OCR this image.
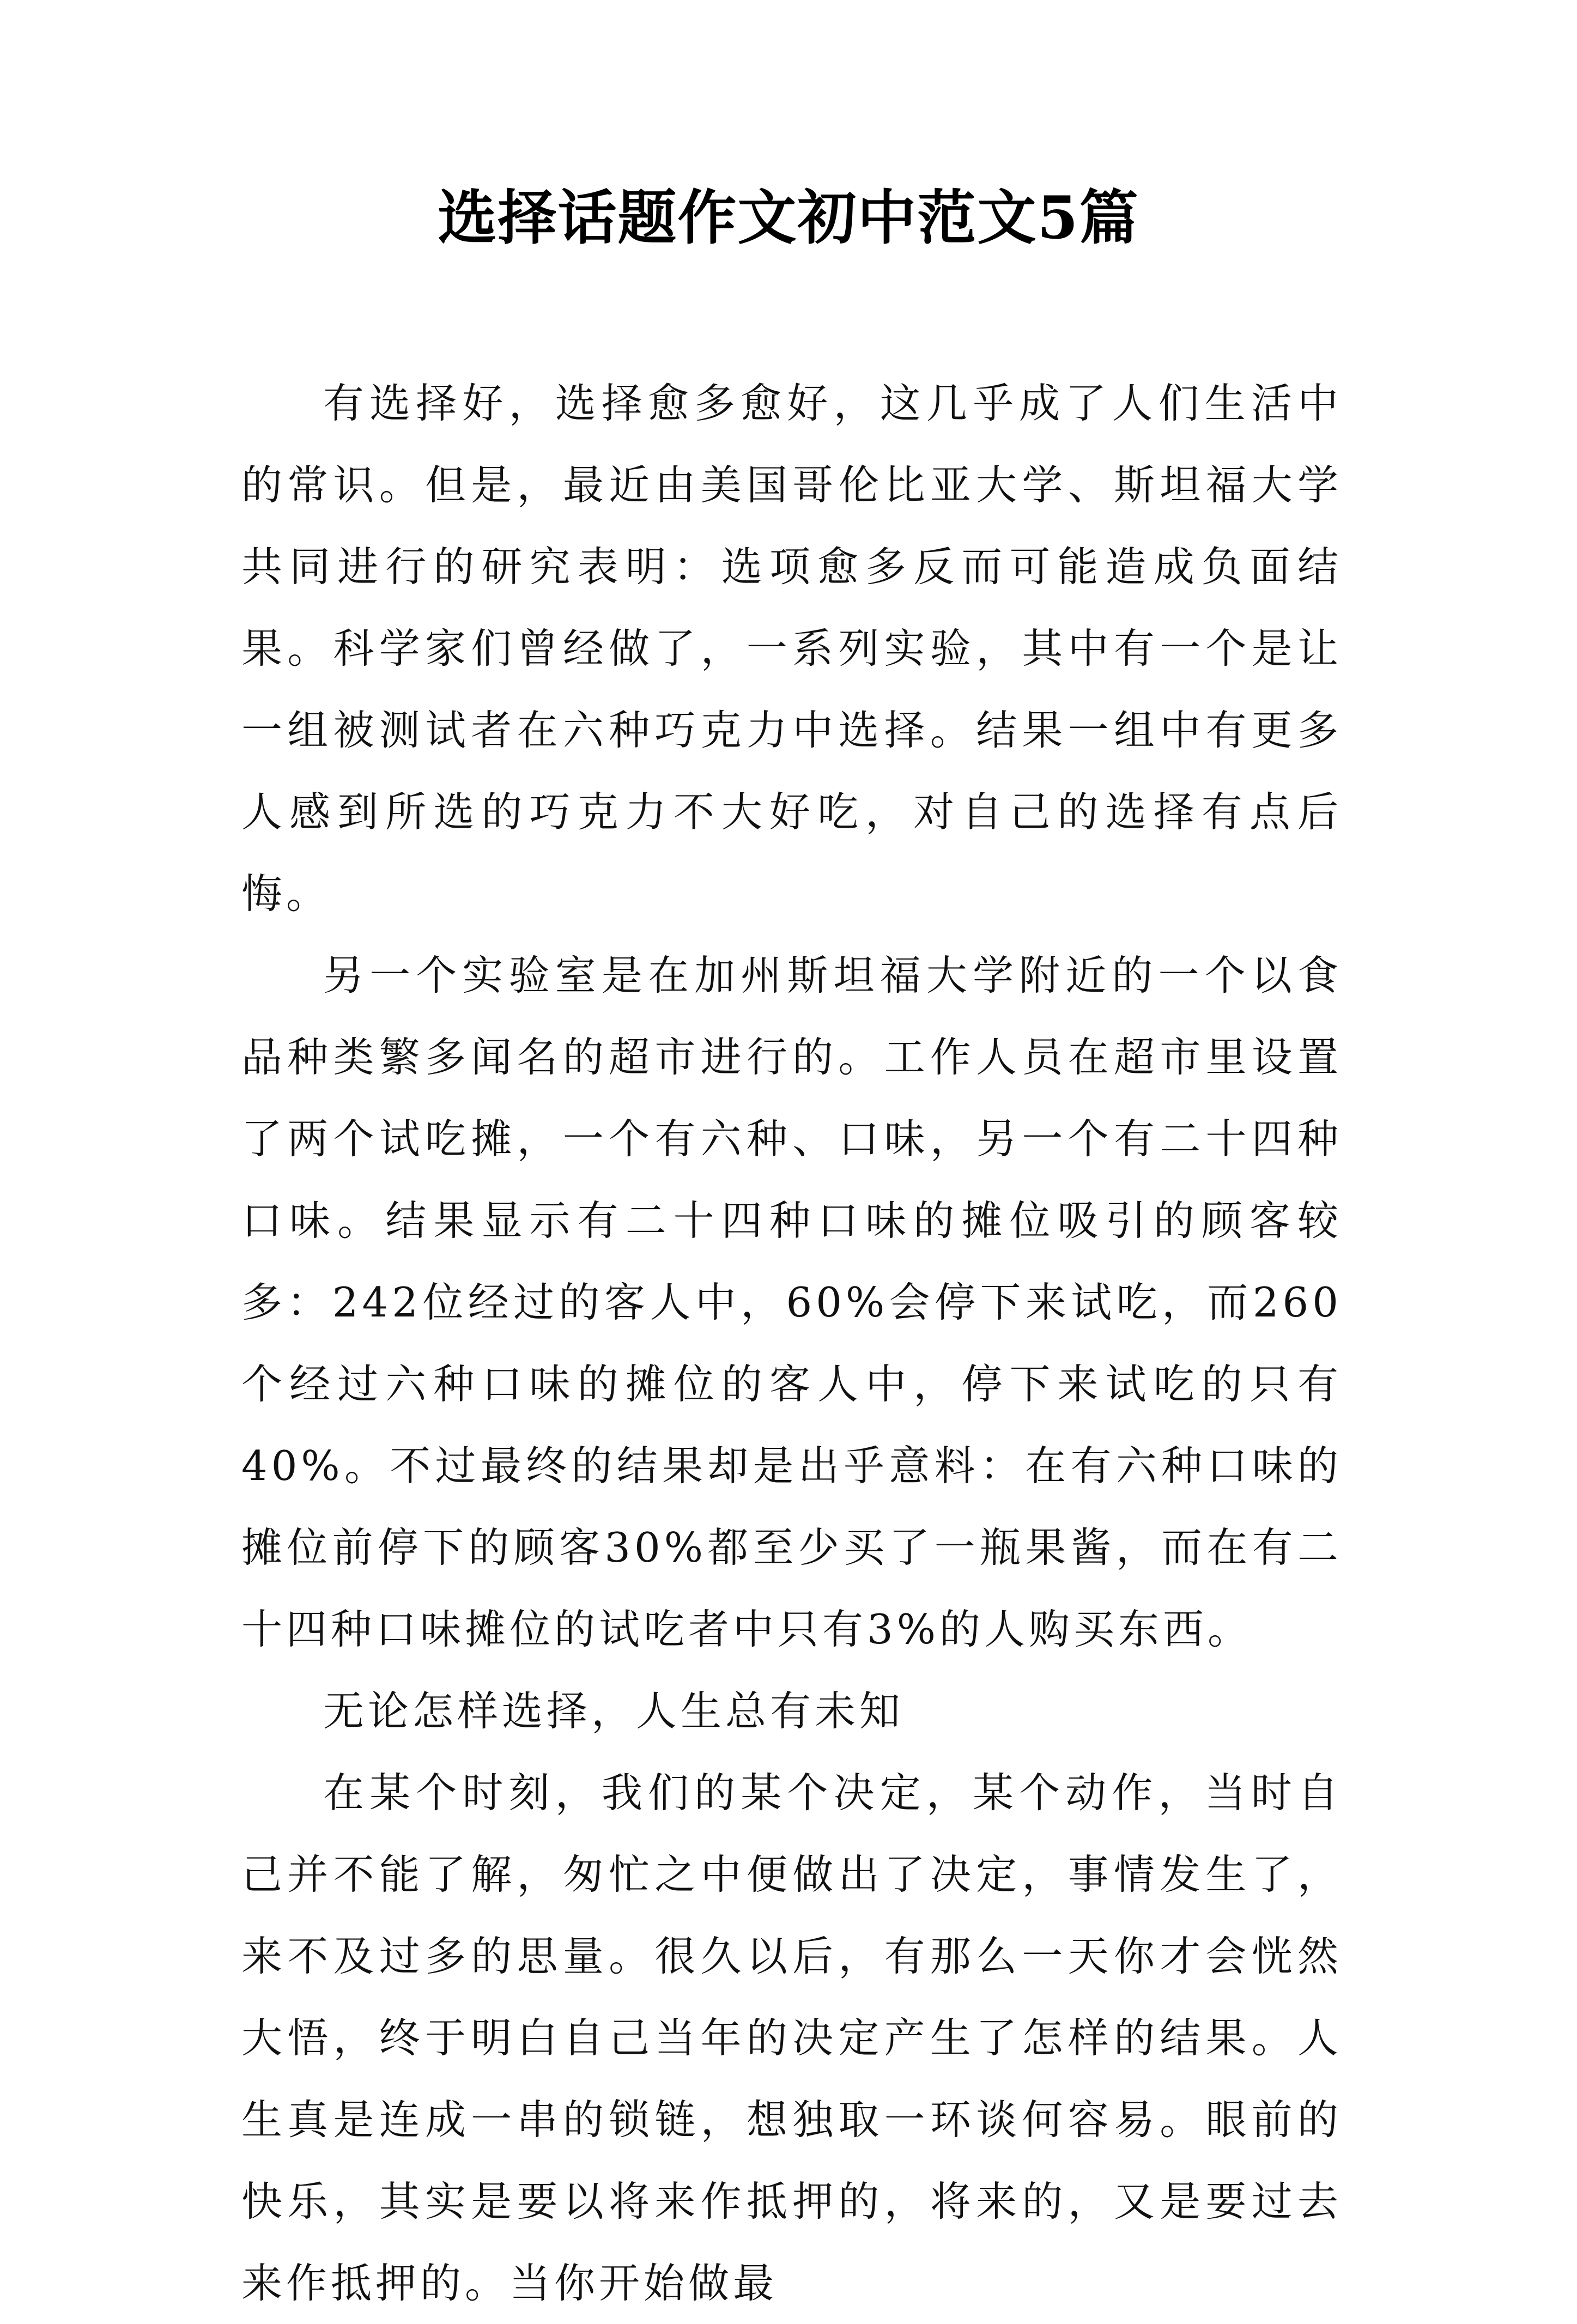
选择话题作文初中范文5篇

有选择好，选择愈多愈好，这几乎成了人们生活中的常识。但是，最近由美国哥伦比亚大学、斯坦福大学共同进行的研究表明：选项愈多反而可能造成负面结果。科学家们曾经做了，一系列实验，其中有一个是让一组被测试者在六种巧克力中选择。结果一组中有更多人感到所选的巧克力不大好吃，对自己的选择有点后悔。

另一个实验室是在加州斯坦福大学附近的一个以食品种类繁多闻名的超市进行的。工作人员在超市里设置了两个试吃摊，一个有六种、口味，另一个有二十四种口味。结果显示有二十四种口味的摊位吸引的顾客较多：242位经过的客人中，60%会停下来试吃，而260个经过六种口味的摊位的客人中，停下来试吃的只有40%。不过最终的结果却是出乎意料：在有六种口味的摊位前停下的顾客30%都至少买了一瓶果酱，而在有二十四种口味摊位的试吃者中只有3%的人购买东西。

无论怎样选择，人生总有未知

在某个时刻，我们的某个决定，某个动作，当时自己并不能了解，匆忙之中便做出了决定，事情发生了，来不及过多的思量。很久以后，有那么一天你才会恍然大悟，终于明白自己当年的决定产生了怎样的结果。人生真是连成一串的锁链，想独取一环谈何容易。眼前的快乐，其实是要以将来作抵押的，将来的，又是要过去来作抵押的。当你开始做最
